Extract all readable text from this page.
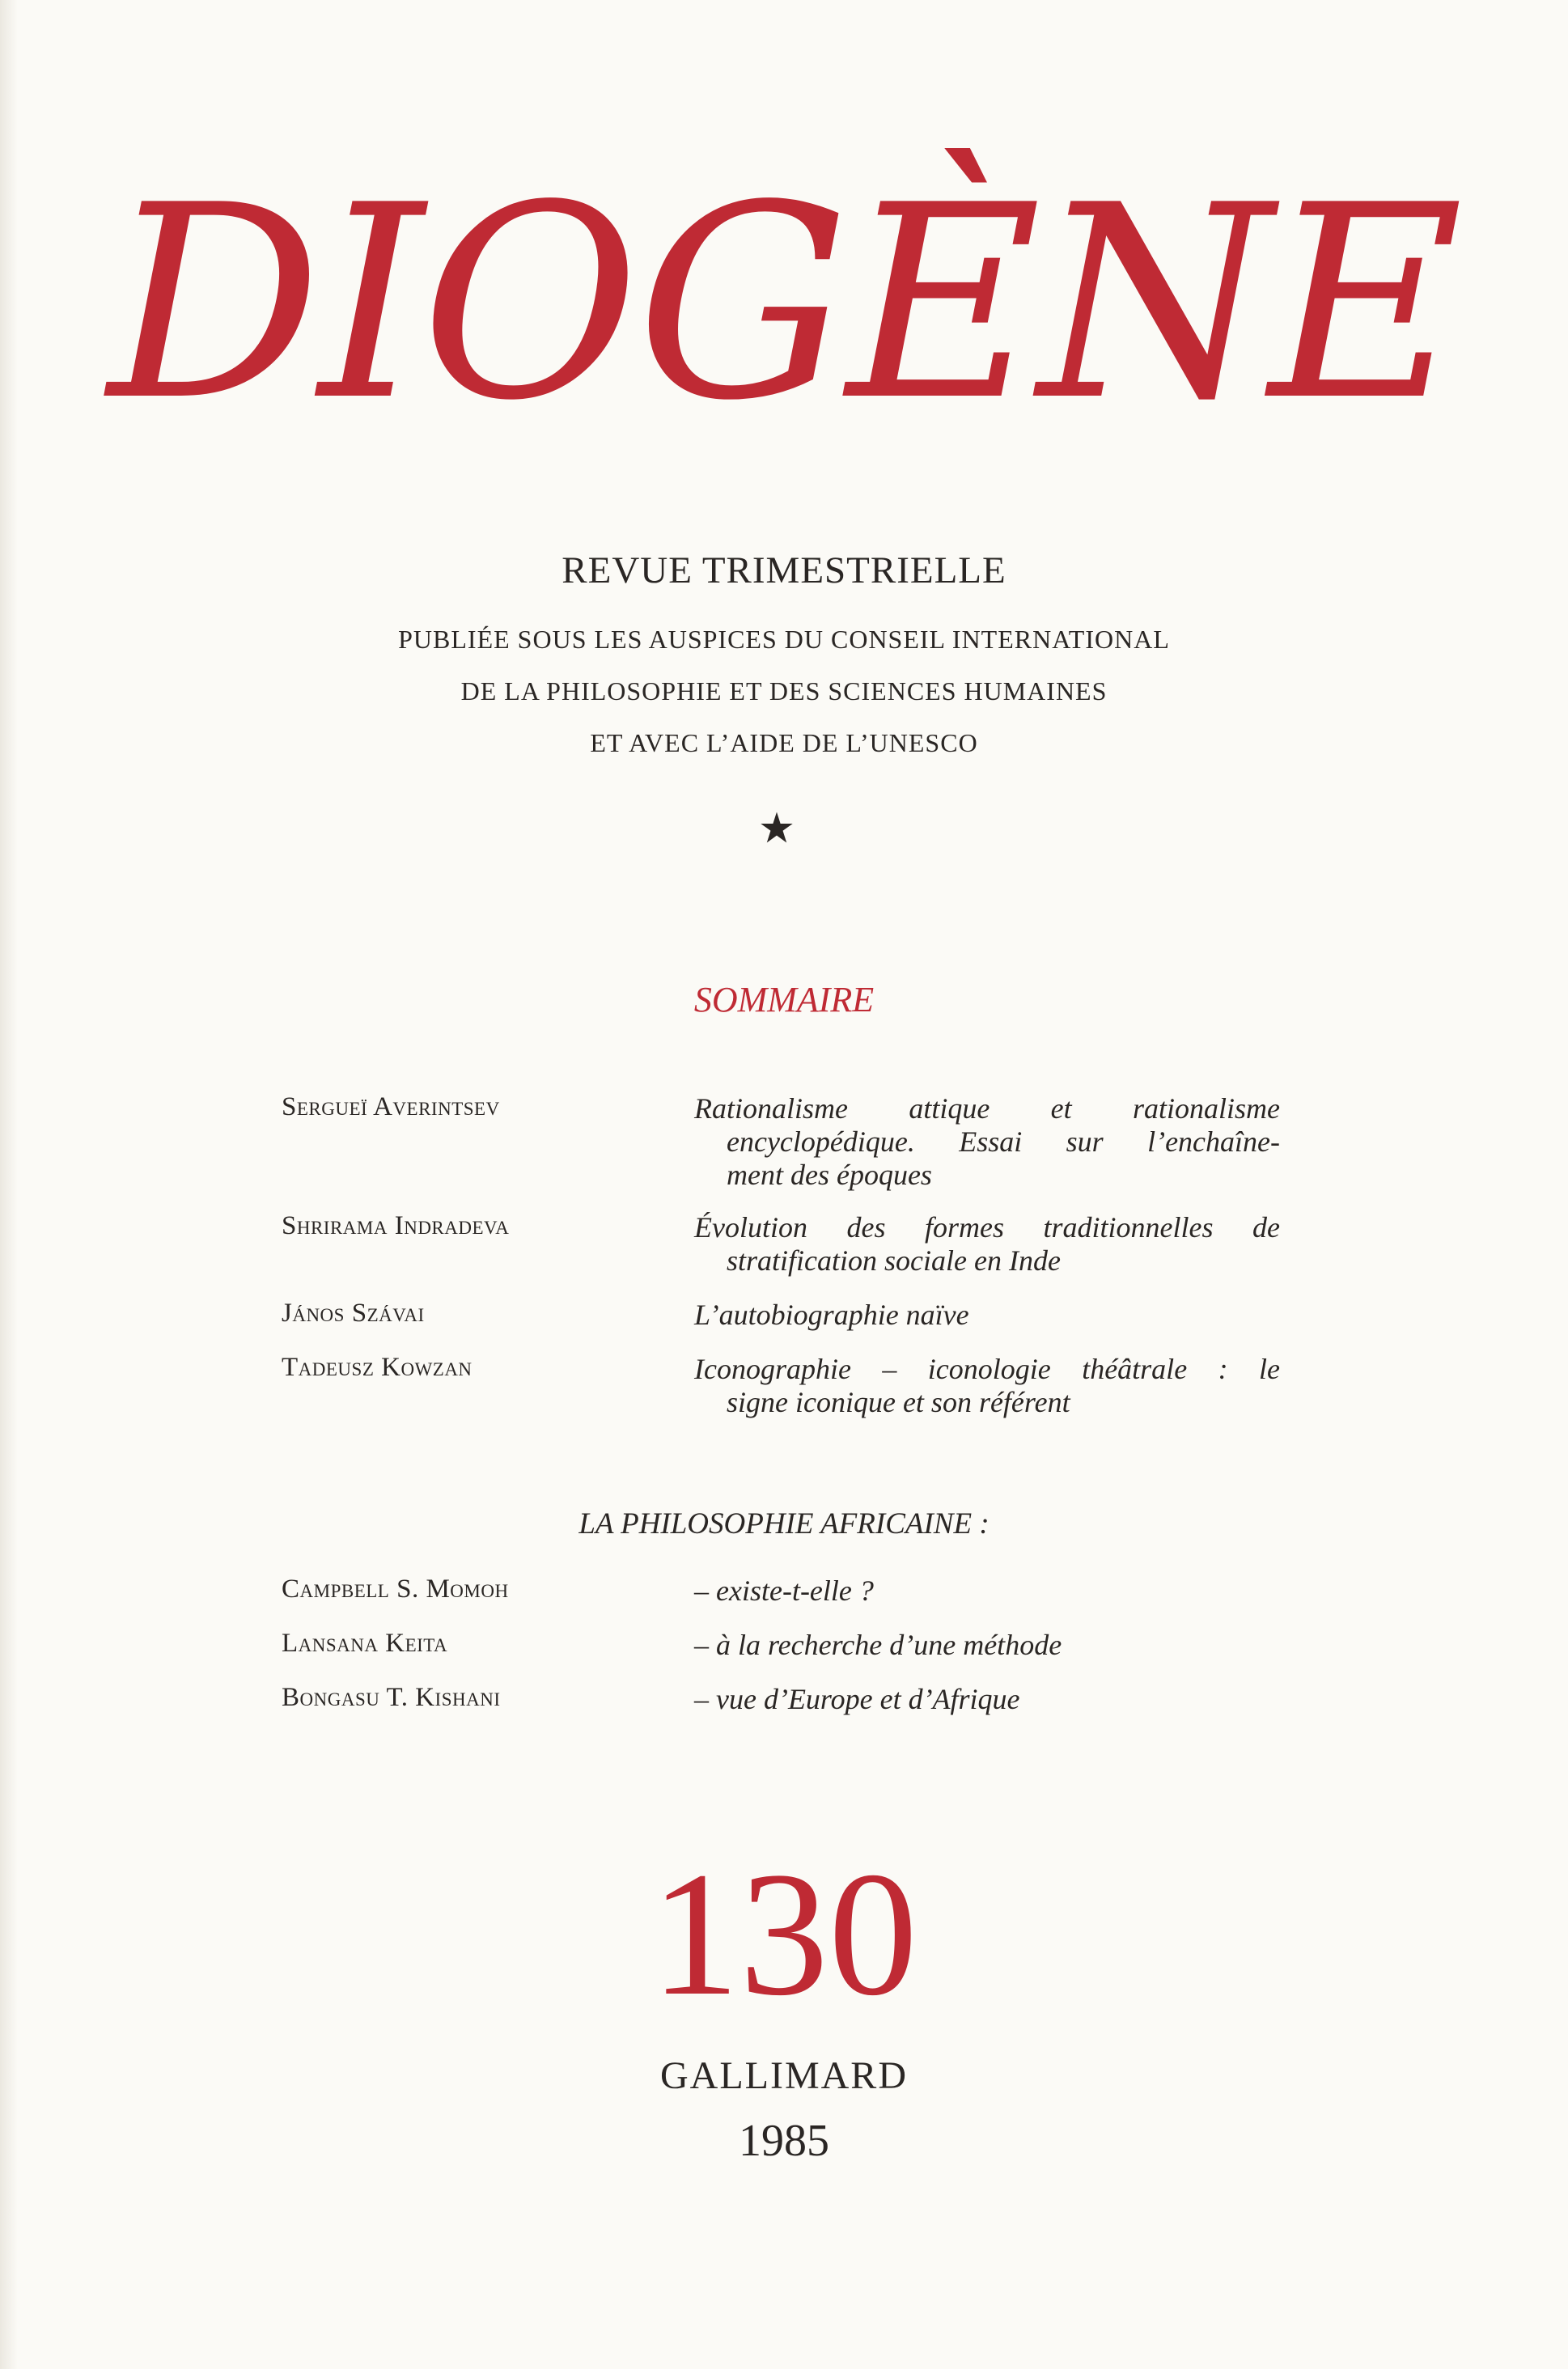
DIOGÈNE
REVUE TRIMESTRIELLE
PUBLIÉE SOUS LES AUSPICES DU CONSEIL INTERNATIONAL
DE LA PHILOSOPHIE ET DES SCIENCES HUMAINES
ET AVEC L’AIDE DE L’UNESCO
SOMMAIRE
Sergueï Averintsev	Rationalisme attique et rationalisme
encyclopédique. Essai sur l’enchaîne-
ment des époques
Shrirama Indradeva	Évolution des formes traditionnelles de
stratification sociale en Inde
János Szávai	L’autobiographie naïve
Tadeusz Kowzan	Iconographie – iconologie théâtrale : le
signe iconique et son référent
LA PHILOSOPHIE AFRICAINE :
Campbell S. Momoh	– existe-t-elle ?
Lansana Keita	– à la recherche d’une méthode
Bongasu T. Kishani	– vue d’Europe et d’Afrique
130
GALLIMARD
1985
